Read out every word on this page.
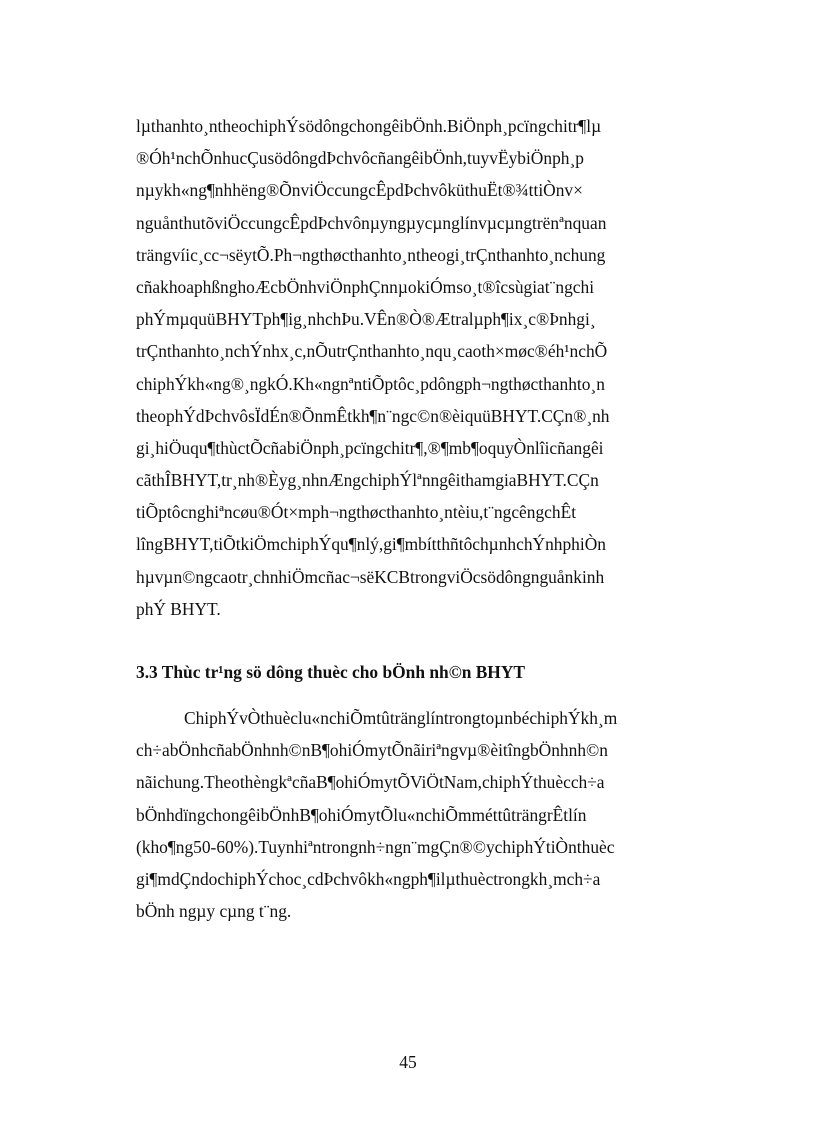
lµthanhto¸ntheochiphÝsödôngchongêibÖnh.BiÖnph¸pcïngchitr¶lµ
®Óh¹nchÕnhucÇusödôngdÞchvôcñangêibÖnh,tuyvËybiÖnph¸p
nµykh«ng¶nhhëng®ÕnviÖccungcÊpdÞchvôküthuËt®¾ttiÒnv×
nguånthutõviÖccungcÊpdÞchvônµyngµycµnglínvµcµngtrënªnquan
trängvíic¸cc¬sëytÕ.Ph¬ngthøcthanhto¸ntheogi¸trÇnthanhto¸nchung
cñakhoaphßnghoÆcbÖnhviÖnphÇnnµokiÓmso¸t®îcsùgiat¨ngchi
phÝmµquüBHYTph¶ig¸nhchÞu.VÊn®Ò®Ætralµph¶ix¸c®Þnhgi¸
trÇnthanhto¸nchÝnhx¸c,nÕutrÇnthanhto¸nqu¸caoth×møc®éh¹nchÕ
chiphÝkh«ng®¸ngkÓ.Kh«ngnªntiÕptôc¸pdôngph¬ngthøcthanhto¸n
theophÝdÞchvôsÏdÉn®ÕnmÊtkh¶n¨ngc©n®èiquüBHYT.CÇn®¸nh
gi¸hiÖuqu¶thùctÕcñabiÖnph¸pcïngchitr¶,®¶mb¶oquyÒnlîicñangêi
cãthÎBHYT,tr¸nh®Èyg¸nhnÆngchiphÝlªnngêithamgiaBHYT.CÇn
tiÕptôcnghiªncøu®Ót×mph¬ngthøcthanhto¸ntèiu,t¨ngcêngchÊt
lîngBHYT,tiÕtkiÖmchiphÝqu¶nlý,gi¶mbítthñtôchµnhchÝnhphiÒn
hµvµn©ngcaotr¸chnhiÖmcñac¬sëKCBtrongviÖcsödôngnguånkinh
phÝ BHYT.
3.3 Thùc tr¹ng sö dông thuèc cho bÖnh nh©n BHYT
ChiphÝvÒthuèclu«nchiÕmtûtränglíntrongtoµnbéchiphÝkh¸m
ch÷abÖnhcñabÖnhnh©nB¶ohiÓmytÕnãiriªngvµ®èitîngbÖnhnh©n
nãichung.TheothèngkªcñaB¶ohiÓmytÕViÖtNam,chiphÝthuècch÷a
bÖnhdïngchongêibÖnhB¶ohiÓmytÕlu«nchiÕmméttûträngrÊtlín
(kho¶ng50-60%).Tuynhiªntrongnh÷ngn¨mgÇn®©ychiphÝtiÒnthuèc
gi¶mdÇndochiphÝchoc¸cdÞchvôkh«ngph¶ilµthuèctrongkh¸mch÷a
bÖnh ngµy cµng t¨ng.

45
